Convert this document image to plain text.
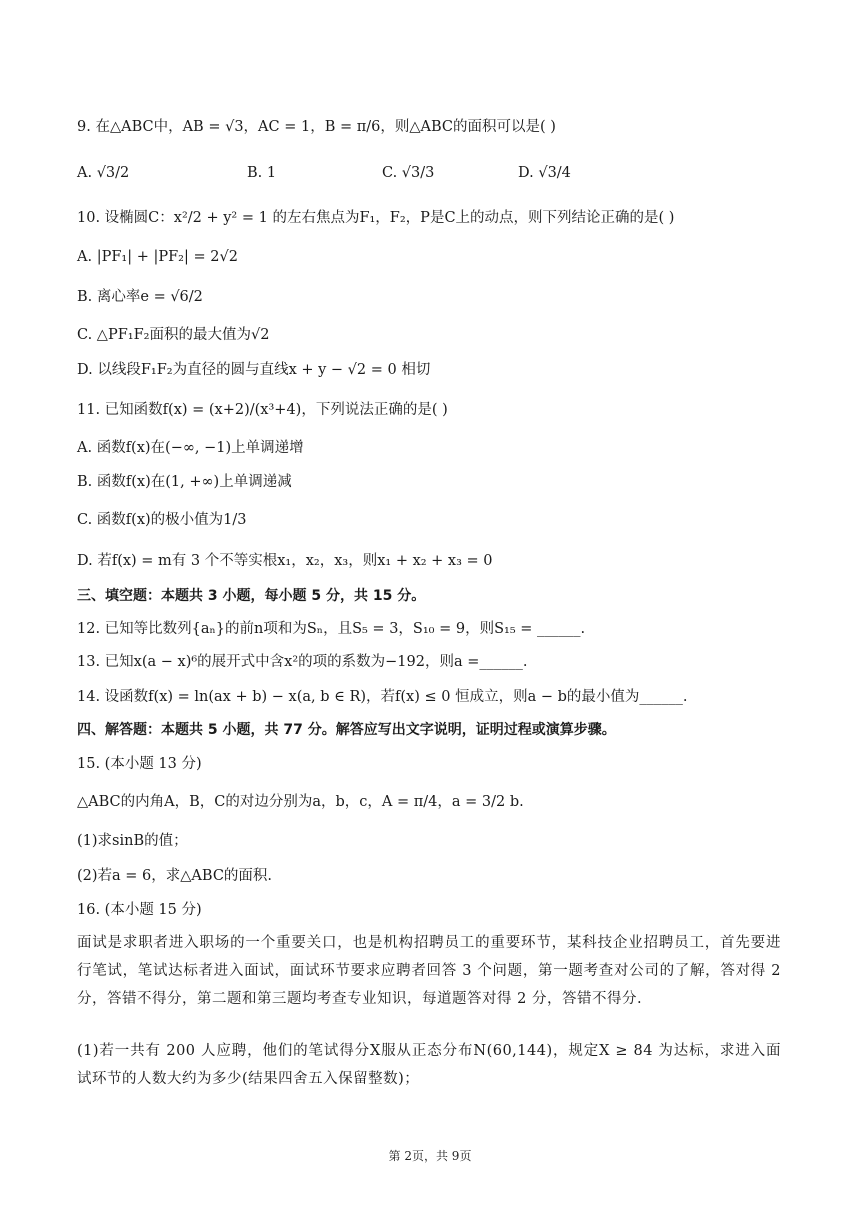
9. 在△ABC中，AB = √3，AC = 1，B = π/6，则△ABC的面积可以是( )
A. √3/2	B. 1	C. √3/3	D. √3/4
10. 设椭圆C：x²/2 + y² = 1 的左右焦点为F₁，F₂，P是C上的动点，则下列结论正确的是( )
A. |PF₁| + |PF₂| = 2√2
B. 离心率e = √6/2
C. △PF₁F₂面积的最大值为√2
D. 以线段F₁F₂为直径的圆与直线x + y − √2 = 0 相切
11. 已知函数f(x) = (x+2)/(x³+4)，下列说法正确的是( )
A. 函数f(x)在(−∞, −1)上单调递增
B. 函数f(x)在(1, +∞)上单调递减
C. 函数f(x)的极小值为1/3
D. 若f(x) = m有 3 个不等实根x₁，x₂，x₃，则x₁ + x₂ + x₃ = 0
三、填空题：本题共 3 小题，每小题 5 分，共 15 分。
12. 已知等比数列{aₙ}的前n项和为Sₙ，且S₅ = 3，S₁₀ = 9，则S₁₅ = ______.
13. 已知x(a − x)⁶的展开式中含x²的项的系数为−192，则a =______.
14. 设函数f(x) = ln(ax + b) − x(a, b ∈ R)，若f(x) ≤ 0 恒成立，则a − b的最小值为______.
四、解答题：本题共 5 小题，共 77 分。解答应写出文字说明，证明过程或演算步骤。
15. (本小题 13 分)
△ABC的内角A，B，C的对边分别为a，b，c，A = π/4，a = 3/2 b.
(1)求sinB的值；
(2)若a = 6，求△ABC的面积.
16. (本小题 15 分)
面试是求职者进入职场的一个重要关口，也是机构招聘员工的重要环节，某科技企业招聘员工，首先要进行笔试，笔试达标者进入面试，面试环节要求应聘者回答 3 个问题，第一题考查对公司的了解，答对得 2 分，答错不得分，第二题和第三题均考查专业知识，每道题答对得 2 分，答错不得分.
(1)若一共有 200 人应聘，他们的笔试得分X服从正态分布N(60,144)，规定X ≥ 84 为达标，求进入面试环节的人数大约为多少(结果四舍五入保留整数)；
第 2页，共 9页
